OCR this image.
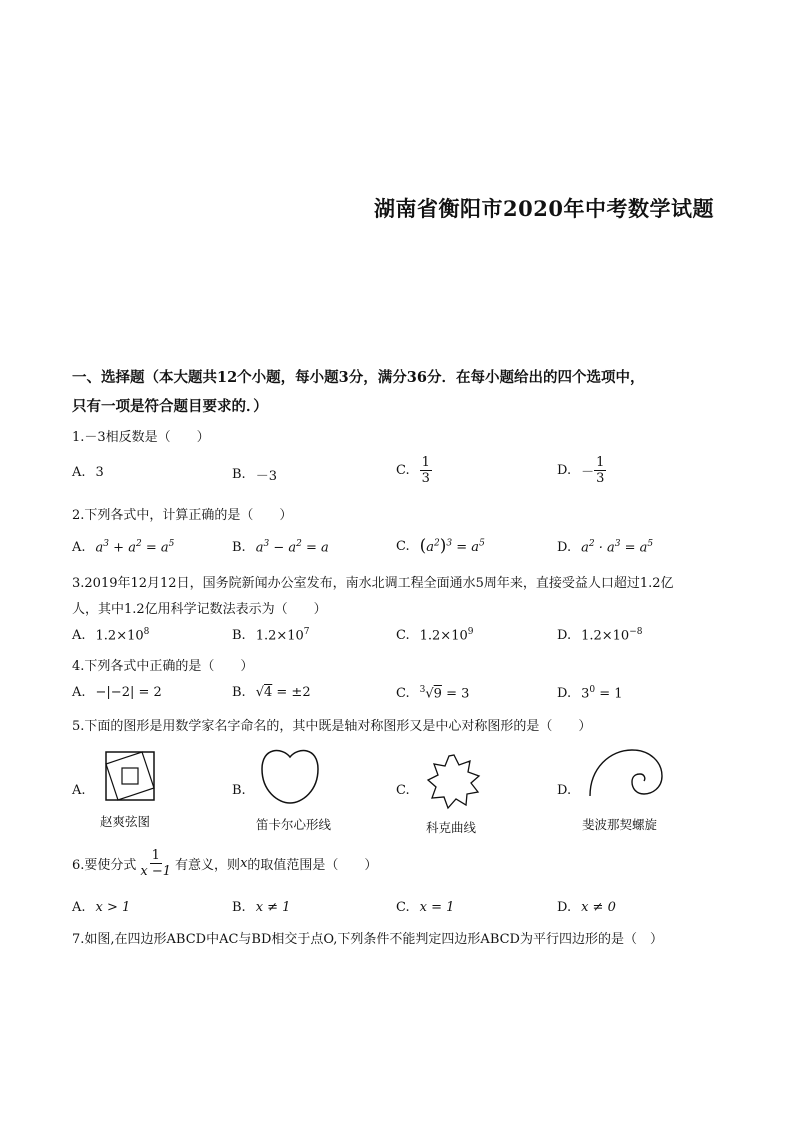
湖南省衡阳市2020年中考数学试题
一、选择题（本大题共12个小题，每小题3分，满分36分．在每小题给出的四个选项中，
只有一项是符合题目要求的．）
1.－3相反数是（　　）
A. 3	B. －3	C. $\frac{1}{3}$	D. － $\frac{1}{3}$
2.下列各式中，计算正确的是（　　）
A. $a^3 + a^2 = a^5$	B. $a^3 - a^2 = a$	C. $(a^2)^3 = a^5$	D. $a^2 \cdot a^3 = a^5$
3.2019年12月12日，国务院新闻办公室发布，南水北调工程全面通水5周年来，直接受益人口超过1.2亿
人，其中1.2亿用科学记数法表示为（　　）
A. $1.2\times 10^8$	B. $1.2\times 10^7$	C. $1.2\times 10^9$	D. $1.2\times 10^{-8}$
4.下列各式中正确的是（　　）
A. −|−2| = 2	B. √4 = ±2	C. $^3$√9 = 3	D. $3^0 = 1$
5.下面的图形是用数学家名字命名的，其中既是轴对称图形又是中心对称图形的是（　　）
A.
赵爽弦图
B.
笛卡尔心形线
C.
科克曲线
D.
斐波那契螺旋
6.要使分式 $\frac{1}{x -1}$ 有意义，则 x 的取值范围是（　　）
A. x > 1	B. x ≠ 1	C. x = 1	D. x ≠ 0
7.如图,在四边形ABCD中AC与BD相交于点O,下列条件不能判定四边形ABCD为平行四边形的是（　）
